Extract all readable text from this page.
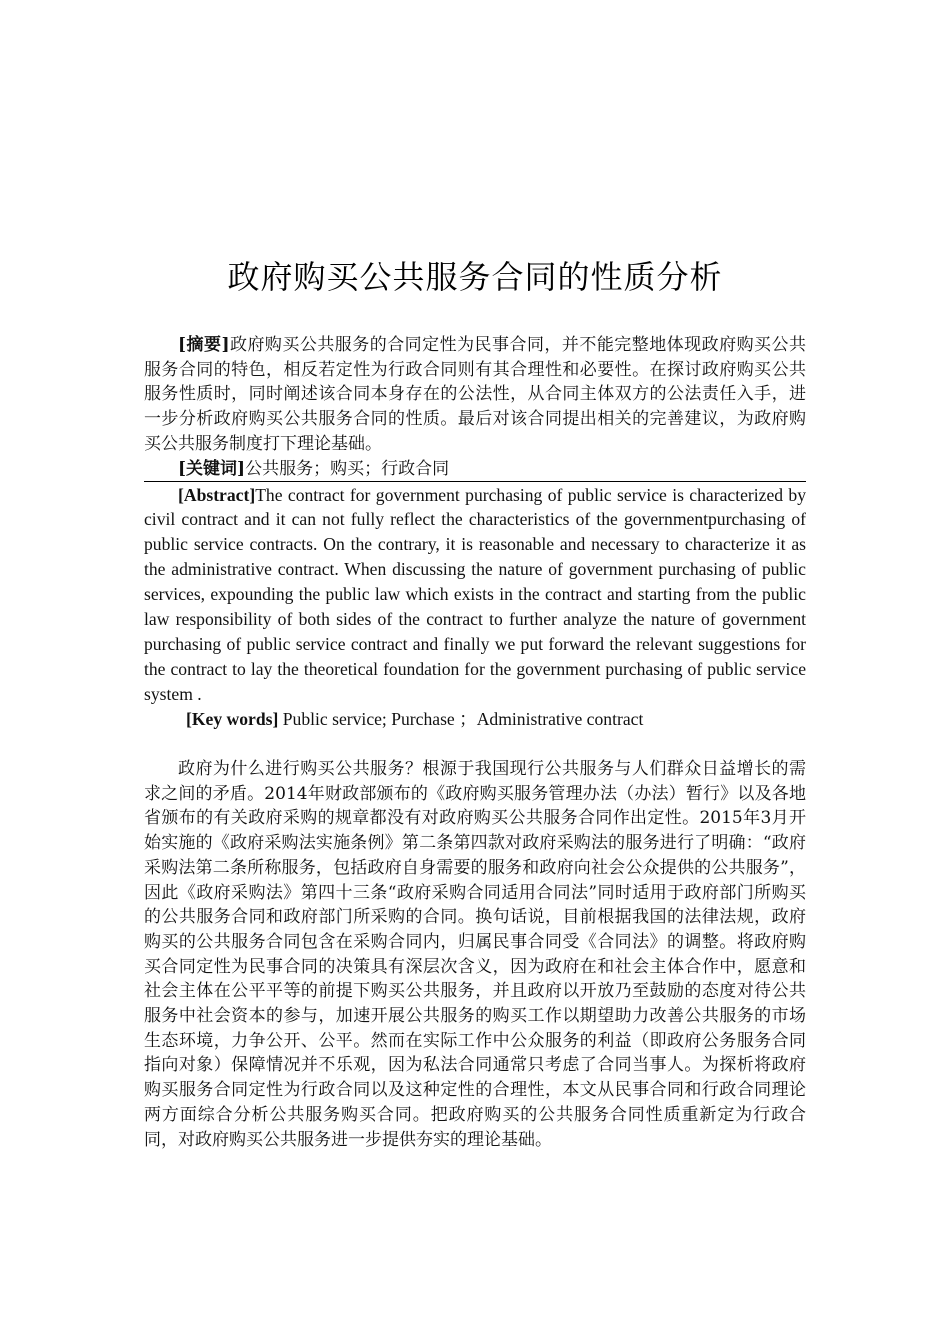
政府购买公共服务合同的性质分析

[摘要]政府购买公共服务的合同定性为民事合同，并不能完整地体现政府购买公共服务合同的特色，相反若定性为行政合同则有其合理性和必要性。在探讨政府购买公共服务性质时，同时阐述该合同本身存在的公法性，从合同主体双方的公法责任入手，进一步分析政府购买公共服务合同的性质。最后对该合同提出相关的完善建议，为政府购买公共服务制度打下理论基础。

[关键词]公共服务；购买；行政合同

[Abstract]The contract for government purchasing of public service is characterized by civil contract and it can not fully reflect the characteristics of the governmentpurchasing of public service contracts. On the contrary, it is reasonable and necessary to characterize it as the administrative contract. When discussing the nature of government purchasing of public services, expounding the public law which exists in the contract and starting from the public law responsibility of both sides of the contract to further analyze the nature of government purchasing of public service contract and finally we put forward the relevant suggestions for the contract to lay the theoretical foundation for the government purchasing of public service system .

[Key words] Public service; Purchase ；Administrative contract

政府为什么进行购买公共服务？根源于我国现行公共服务与人们群众日益增长的需求之间的矛盾。2014年财政部颁布的《政府购买服务管理办法（办法）暂行》以及各地省颁布的有关政府采购的规章都没有对政府购买公共服务合同作出定性。2015年3月开始实施的《政府采购法实施条例》第二条第四款对政府采购法的服务进行了明确：“政府采购法第二条所称服务，包括政府自身需要的服务和政府向社会公众提供的公共服务”，因此《政府采购法》第四十三条“政府采购合同适用合同法”同时适用于政府部门所购买的公共服务合同和政府部门所采购的合同。换句话说，目前根据我国的法律法规，政府购买的公共服务合同包含在采购合同内，归属民事合同受《合同法》的调整。将政府购买合同定性为民事合同的决策具有深层次含义，因为政府在和社会主体合作中，愿意和社会主体在公平平等的前提下购买公共服务，并且政府以开放乃至鼓励的态度对待公共服务中社会资本的参与，加速开展公共服务的购买工作以期望助力改善公共服务的市场生态环境，力争公开、公平。然而在实际工作中公众服务的利益（即政府公务服务合同指向对象）保障情况并不乐观，因为私法合同通常只考虑了合同当事人。为探析将政府购买服务合同定性为行政合同以及这种定性的合理性，本文从民事合同和行政合同理论两方面综合分析公共服务购买合同。把政府购买的公共服务合同性质重新定为行政合同，对政府购买公共服务进一步提供夯实的理论基础。
